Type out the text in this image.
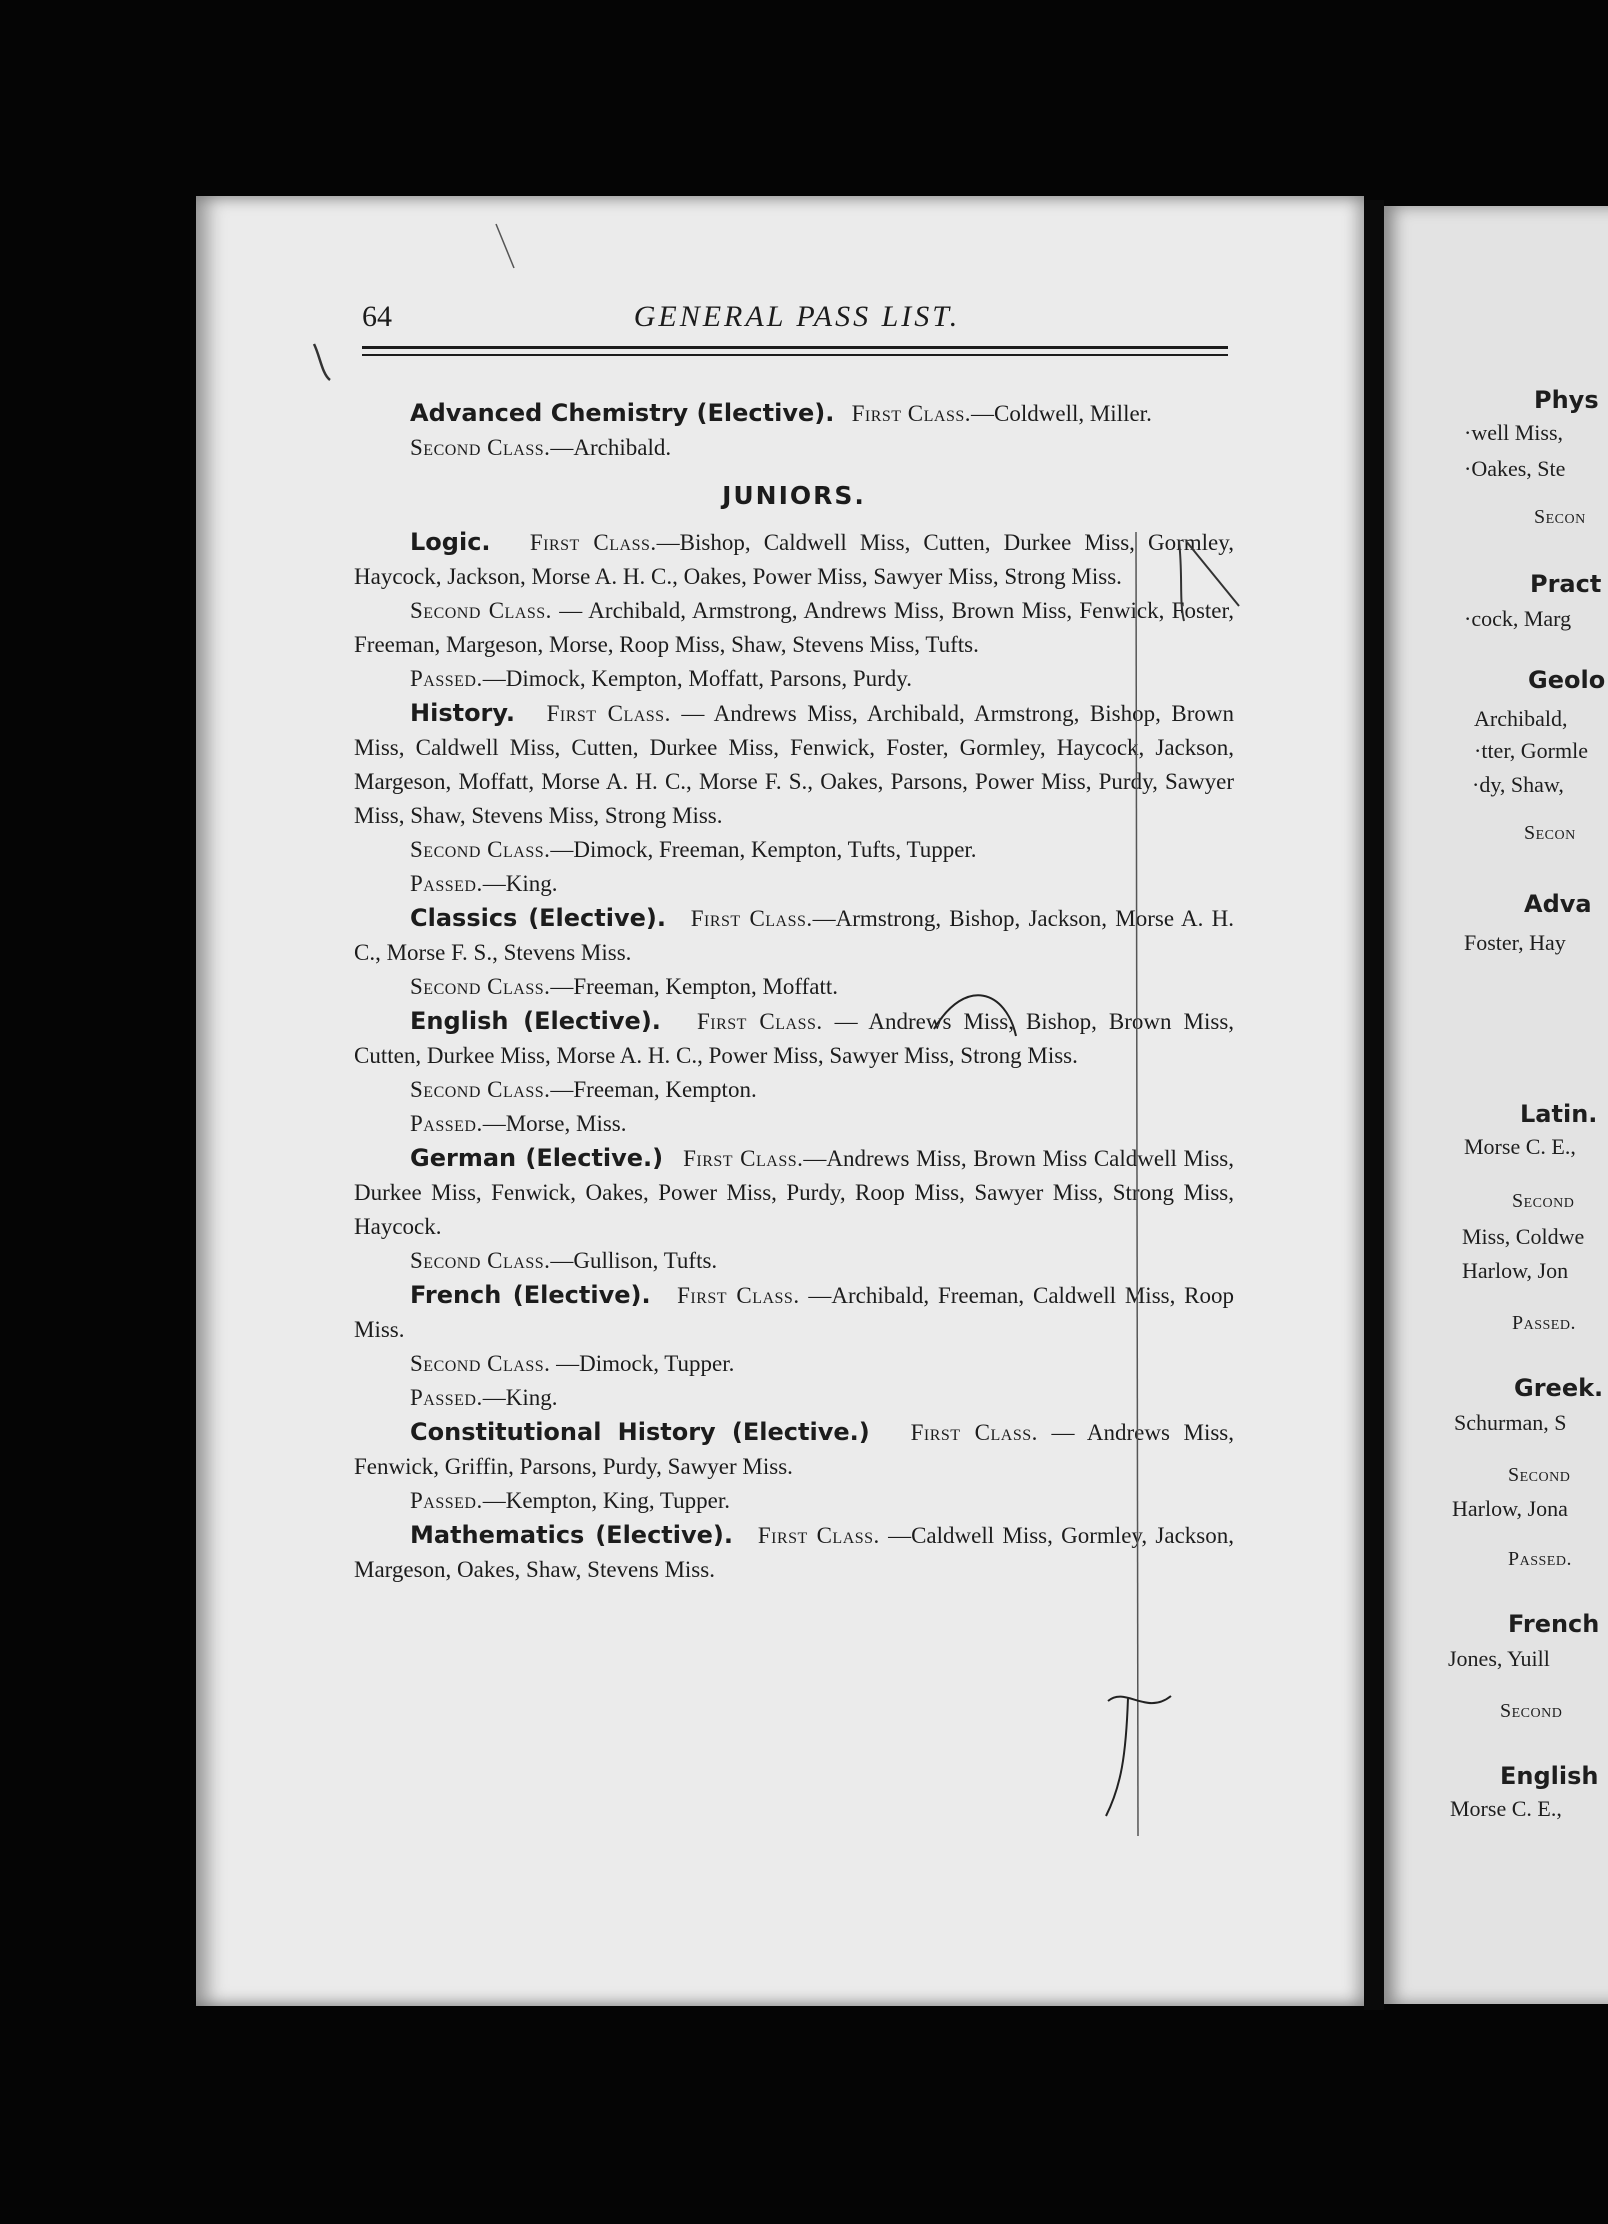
64	GENERAL PASS LIST.

Advanced Chemistry (Elective). First Class.—Coldwell, Miller.

Second Class.—Archibald.

JUNIORS.

Logic. First Class.—Bishop, Caldwell Miss, Cutten, Durkee Miss, Gormley, Haycock, Jackson, Morse A. H. C., Oakes, Power Miss, Sawyer Miss, Strong Miss.

Second Class. — Archibald, Armstrong, Andrews Miss, Brown Miss, Fenwick, Foster, Freeman, Margeson, Morse, Roop Miss, Shaw, Stevens Miss, Tufts.

Passed.—Dimock, Kempton, Moffatt, Parsons, Purdy.

History. First Class. — Andrews Miss, Archibald, Armstrong, Bishop, Brown Miss, Caldwell Miss, Cutten, Durkee Miss, Fenwick, Foster, Gormley, Haycock, Jackson, Margeson, Moffatt, Morse A. H. C., Morse F. S., Oakes, Parsons, Power Miss, Purdy, Sawyer Miss, Shaw, Stevens Miss, Strong Miss.

Second Class.—Dimock, Freeman, Kempton, Tufts, Tupper.

Passed.—King.

Classics (Elective). First Class.—Armstrong, Bishop, Jackson, Morse A. H. C., Morse F. S., Stevens Miss.

Second Class.—Freeman, Kempton, Moffatt.

English (Elective). First Class. — Andrews Miss, Bishop, Brown Miss, Cutten, Durkee Miss, Morse A. H. C., Power Miss, Sawyer Miss, Strong Miss.

Second Class.—Freeman, Kempton.

Passed.—Morse, Miss.

German (Elective.) First Class.—Andrews Miss, Brown Miss Caldwell Miss, Durkee Miss, Fenwick, Oakes, Power Miss, Purdy, Roop Miss, Sawyer Miss, Strong Miss, Haycock.

Second Class.—Gullison, Tufts.

French (Elective). First Class. —Archibald, Freeman, Caldwell Miss, Roop Miss.

Second Class. —Dimock, Tupper.

Passed.—King.

Constitutional History (Elective.) First Class. — Andrews Miss, Fenwick, Griffin, Parsons, Purdy, Sawyer Miss.

Passed.—Kempton, King, Tupper.

Mathematics (Elective). First Class. —Caldwell Miss, Gormley, Jackson, Margeson, Oakes, Shaw, Stevens Miss.

Phys
·well Miss,
·Oakes, Ste
Secon
Pract
·cock, Marg
Geolo
Archibald,
·tter, Gormle
·dy, Shaw,
Secon
Adva
Foster, Hay
Latin.
Morse C. E.,
Second
Miss, Coldwe
Harlow, Jon
Passed.
Greek.
Schurman, S
Second
Harlow, Jona
Passed.
French
Jones, Yuill
Second
English
Morse C. E.,
